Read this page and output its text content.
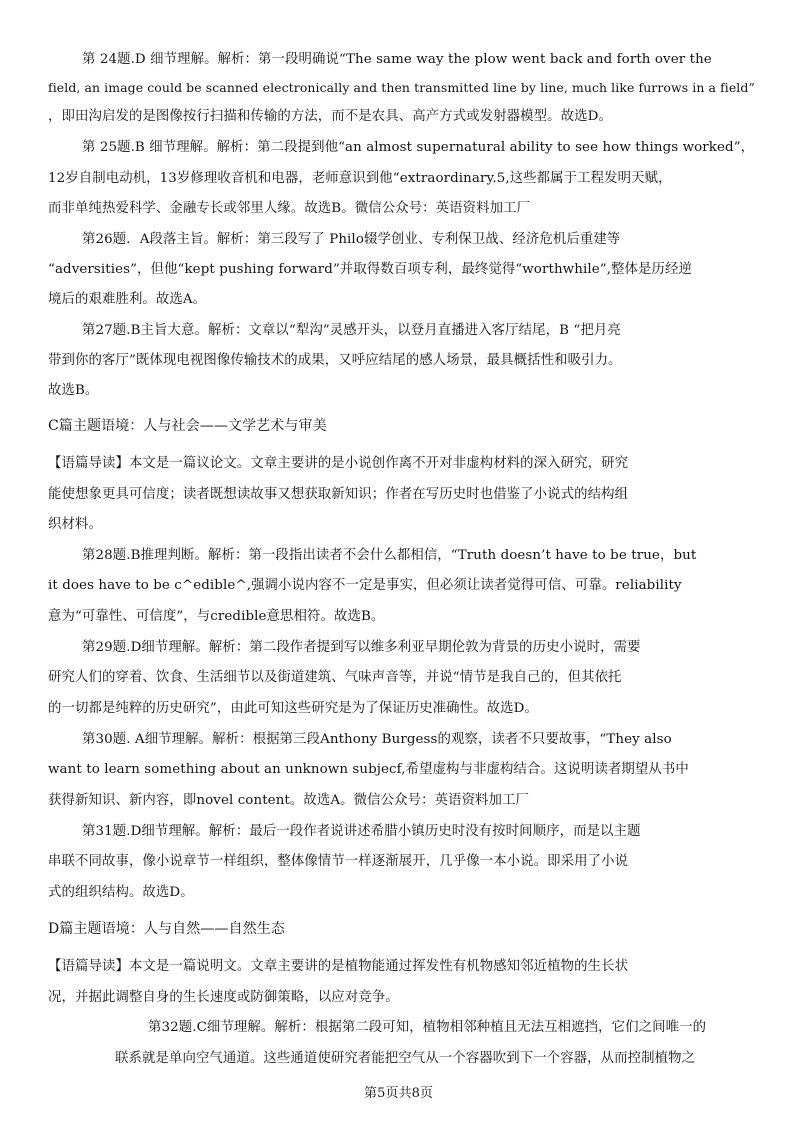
第 24题.D 细节理解。解析：第一段明确说“The same way the plow went back and forth over the
field, an image could be scanned electronically and then transmitted line by line, much like furrows in a field”
，即田沟启发的是图像按行扫描和传输的方法，而不是农具、高产方式或发射器模型。故选D。
第 25题.B 细节理解。解析：第二段提到他“an almost supernatural ability to see how things worked”，
12岁自制电动机，13岁修理收音机和电器，老师意识到他“extraordinary.5,这些都属于工程发明天赋，
而非单纯热爱科学、金融专长或邻里人缘。故选B。微信公众号：英语资料加工厂
第26题．A段落主旨。解析：第三段写了 Philo辍学创业、专利保卫战、经济危机后重建等
“adversities”，但他“kept pushing forward”并取得数百项专利，最终觉得“worthwhile”,整体是历经逆
境后的艰难胜利。故选A。
第27题.B主旨大意。解析：文章以“犁沟”灵感开头，以登月直播进入客厅结尾，B “把月亮
带到你的客厅”既体现电视图像传输技术的成果，又呼应结尾的感人场景，最具概括性和吸引力。
故选B。
C篇主题语境：人与社会——文学艺术与审美
【语篇导读】本文是一篇议论文。文章主要讲的是小说创作离不开对非虚构材料的深入研究，研究
能使想象更具可信度；读者既想读故事又想获取新知识；作者在写历史时也借鉴了小说式的结构组
织材料。
第28题.B推理判断。解析：第一段指出读者不会什么都相信，“Truth doesn’t have to be true，but
it does have to be c^edible^,强调小说内容不一定是事实，但必须让读者觉得可信、可靠。reliability
意为“可靠性、可信度”，与credible意思相符。故选B。
第29题.D细节理解。解析：第二段作者提到写以维多利亚早期伦敦为背景的历史小说时，需要
研究人们的穿着、饮食、生活细节以及街道建筑、气味声音等，并说“情节是我自己的，但其依托
的一切都是纯粹的历史研究”，由此可知这些研究是为了保证历史准确性。故选D。
第30题. A细节理解。解析：根据第三段Anthony Burgess的观察，读者不只要故事，“They also
want to learn something about an unknown subjecf,希望虚构与非虚构结合。这说明读者期望从书中
获得新知识、新内容，即novel content。故选A。微信公众号：英语资料加工厂
第31题.D细节理解。解析：最后一段作者说讲述希腊小镇历史时没有按时间顺序，而是以主题
串联不同故事，像小说章节一样组织，整体像情节一样逐渐展开，几乎像一本小说。即采用了小说
式的组织结构。故选D。
D篇主题语境：人与自然——自然生态
【语篇导读】本文是一篇说明文。文章主要讲的是植物能通过挥发性有机物感知邻近植物的生长状
况，并据此调整自身的生长速度或防御策略，以应对竞争。
第32题.C细节理解。解析：根据第二段可知，植物相邻种植且无法互相遮挡，它们之间唯一的
联系就是单向空气通道。这些通道使研究者能把空气从一个容器吹到下一个容器，从而控制植物之
第5页共8页
